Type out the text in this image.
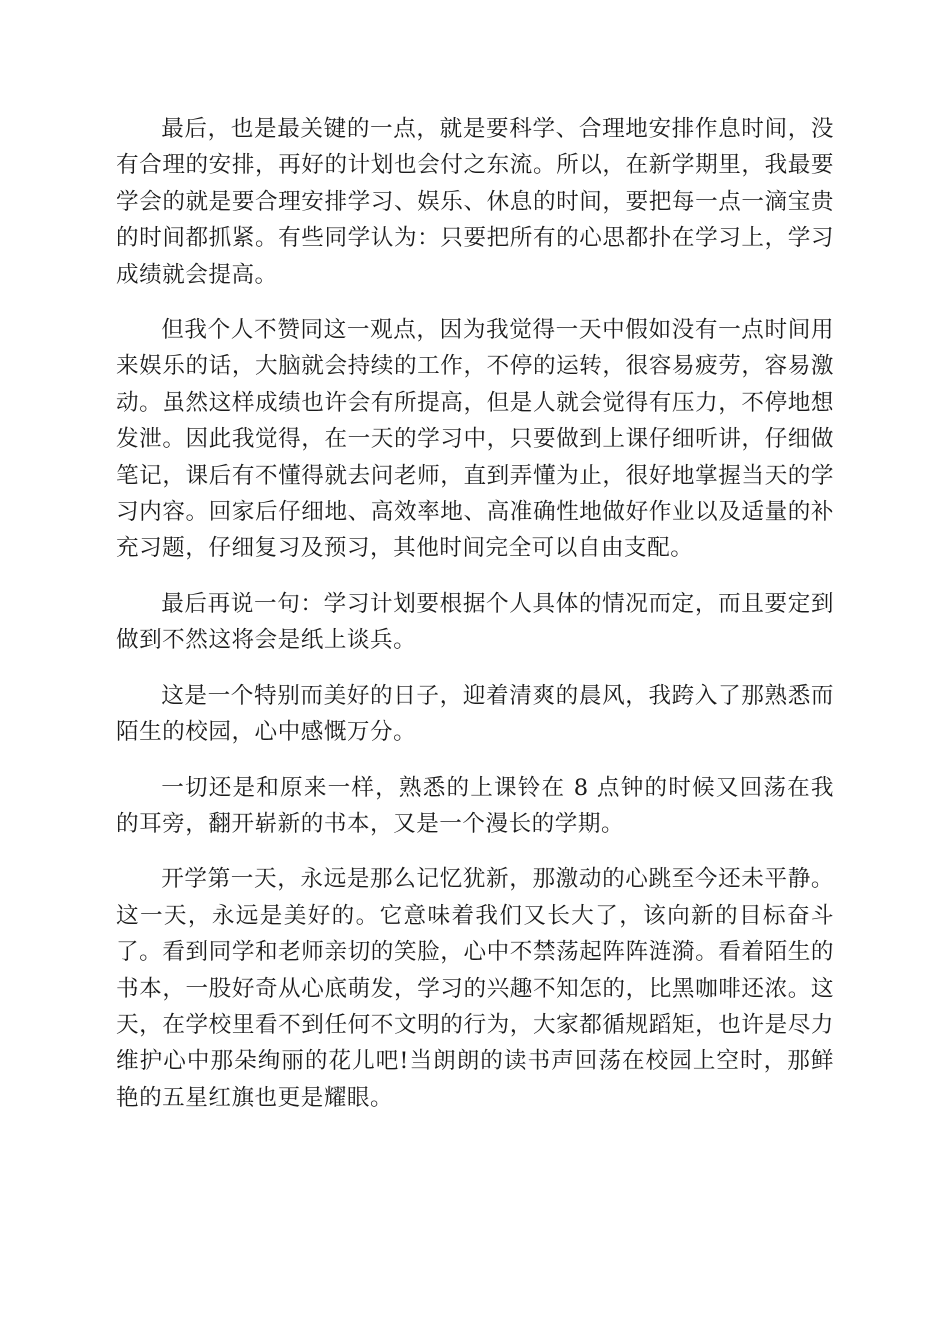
最后，也是最关键的一点，就是要科学、合理地安排作息时间，没有合理的安排，再好的计划也会付之东流。所以，在新学期里，我最要学会的就是要合理安排学习、娱乐、休息的时间，要把每一点一滴宝贵的时间都抓紧。有些同学认为：只要把所有的心思都扑在学习上，学习成绩就会提高。

但我个人不赞同这一观点，因为我觉得一天中假如没有一点时间用来娱乐的话，大脑就会持续的工作，不停的运转，很容易疲劳，容易激动。虽然这样成绩也许会有所提高，但是人就会觉得有压力，不停地想发泄。因此我觉得，在一天的学习中，只要做到上课仔细听讲，仔细做笔记，课后有不懂得就去问老师，直到弄懂为止，很好地掌握当天的学习内容。回家后仔细地、高效率地、高准确性地做好作业以及适量的补充习题，仔细复习及预习，其他时间完全可以自由支配。

最后再说一句：学习计划要根据个人具体的情况而定，而且要定到做到不然这将会是纸上谈兵。

这是一个特别而美好的日子，迎着清爽的晨风，我跨入了那熟悉而陌生的校园，心中感慨万分。

一切还是和原来一样，熟悉的上课铃在 8 点钟的时候又回荡在我的耳旁，翻开崭新的书本，又是一个漫长的学期。

开学第一天，永远是那么记忆犹新，那激动的心跳至今还未平静。这一天，永远是美好的。它意味着我们又长大了，该向新的目标奋斗了。看到同学和老师亲切的笑脸，心中不禁荡起阵阵涟漪。看着陌生的书本，一股好奇从心底萌发，学习的兴趣不知怎的，比黑咖啡还浓。这天，在学校里看不到任何不文明的行为，大家都循规蹈矩，也许是尽力维护心中那朵绚丽的花儿吧!当朗朗的读书声回荡在校园上空时，那鲜艳的五星红旗也更是耀眼。
